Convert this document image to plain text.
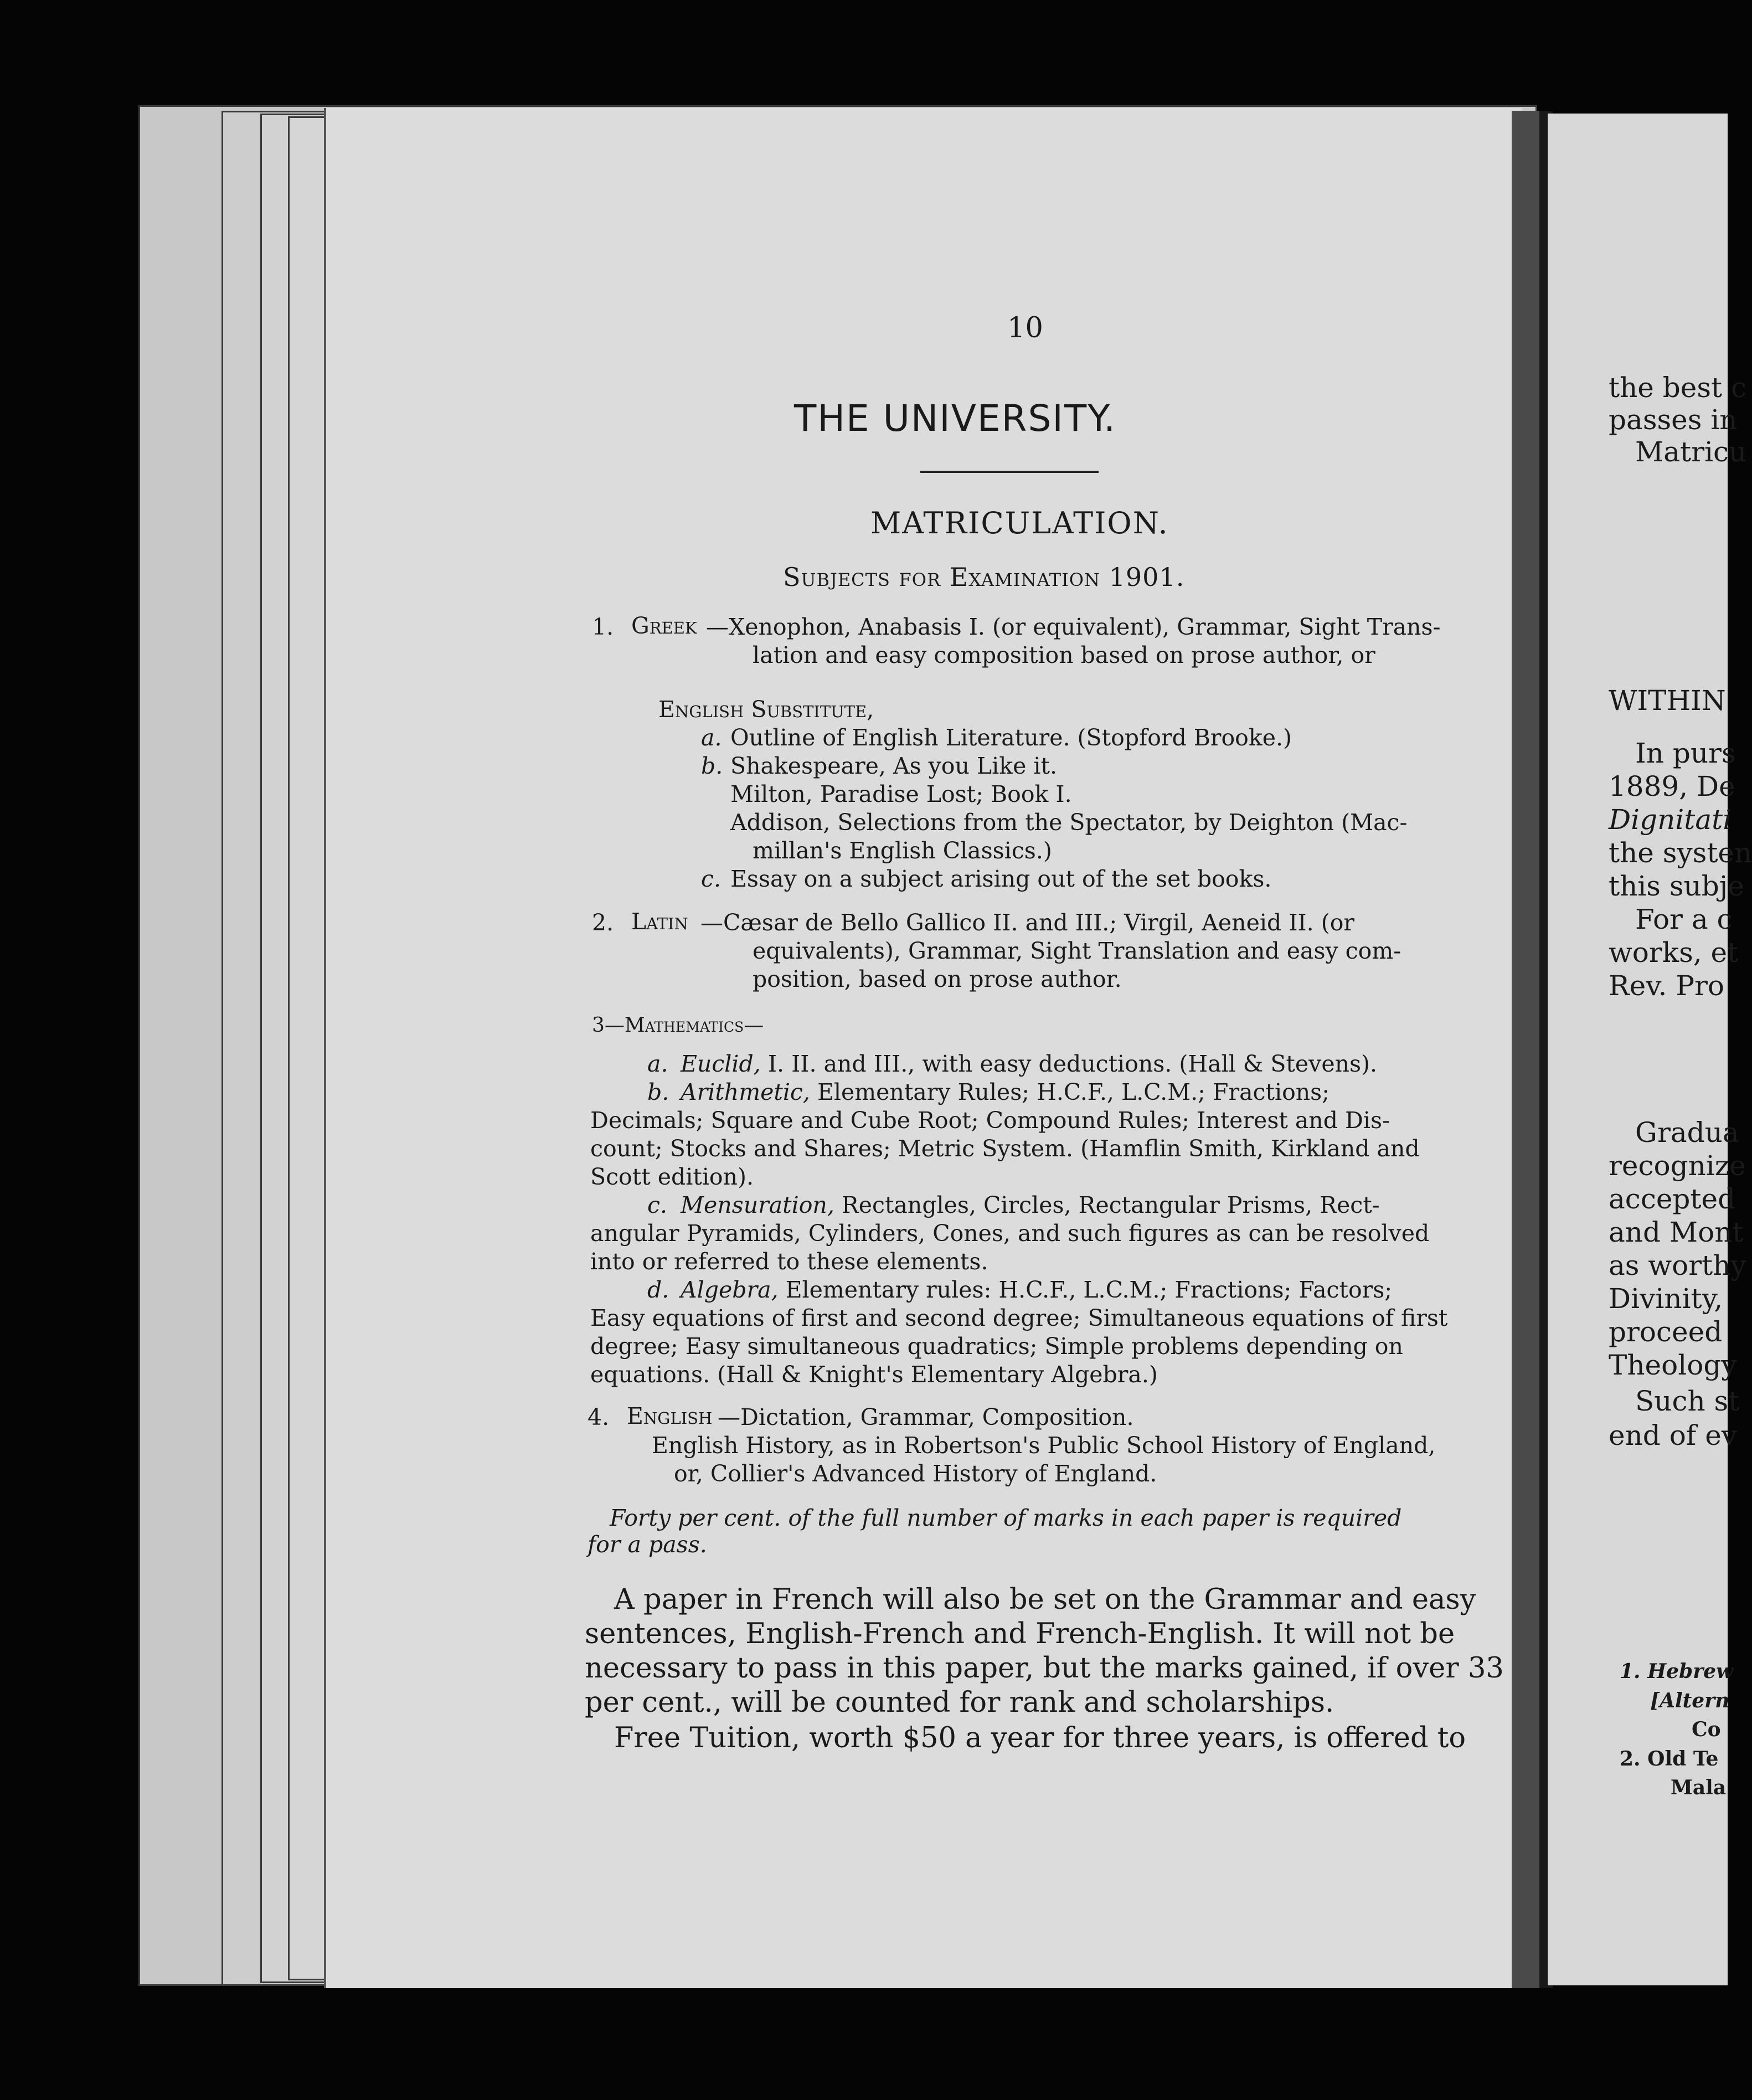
10
THE UNIVERSITY.
MATRICULATION.
Subjects for Examination 1901.
1. Greek —Xenophon, Anabasis I. (or equivalent), Grammar, Sight Trans-
lation and easy composition based on prose author, or
English Substitute,
a. Outline of English Literature. (Stopford Brooke.)
b. Shakespeare, As you Like it.
Milton, Paradise Lost; Book I.
Addison, Selections from the Spectator, by Deighton (Mac-
millan's English Classics.)
c. Essay on a subject arising out of the set books.
2. Latin —Cæsar de Bello Gallico II. and III.; Virgil, Aeneid II. (or
equivalents), Grammar, Sight Translation and easy com-
position, based on prose author.
3—Mathematics—
a. Euclid, I. II. and III., with easy deductions. (Hall & Stevens).
b. Arithmetic, Elementary Rules; H.C.F., L.C.M.; Fractions;
Decimals; Square and Cube Root; Compound Rules; Interest and Dis-
count; Stocks and Shares; Metric System. (Hamflin Smith, Kirkland and
Scott edition).
c. Mensuration, Rectangles, Circles, Rectangular Prisms, Rect-
angular Pyramids, Cylinders, Cones, and such figures as can be resolved
into or referred to these elements.
d. Algebra, Elementary rules: H.C.F., L.C.M.; Fractions; Factors;
Easy equations of first and second degree; Simultaneous equations of first
degree; Easy simultaneous quadratics; Simple problems depending on
equations. (Hall & Knight's Elementary Algebra.)
4. English —Dictation, Grammar, Composition.
English History, as in Robertson's Public School History of England,
or, Collier's Advanced History of England.
Forty per cent. of the full number of marks in each paper is required
for a pass.
A paper in French will also be set on the Grammar and easy
sentences, English-French and French-English. It will not be
necessary to pass in this paper, but the marks gained, if over 33
per cent., will be counted for rank and scholarships.
Free Tuition, worth $50 a year for three years, is offered to
the best c
passes in
Matricu
WITHIN
In purs
1889, De
Dignitati
the systen
this subje
For a c
works, et
Rev. Pro
Gradua
recognize
accepted
and Mont
as worthy
Divinity,
proceed
Theology
Such st
end of ev
1. Hebrew
[Altern
Co
2. Old Te
Mala
